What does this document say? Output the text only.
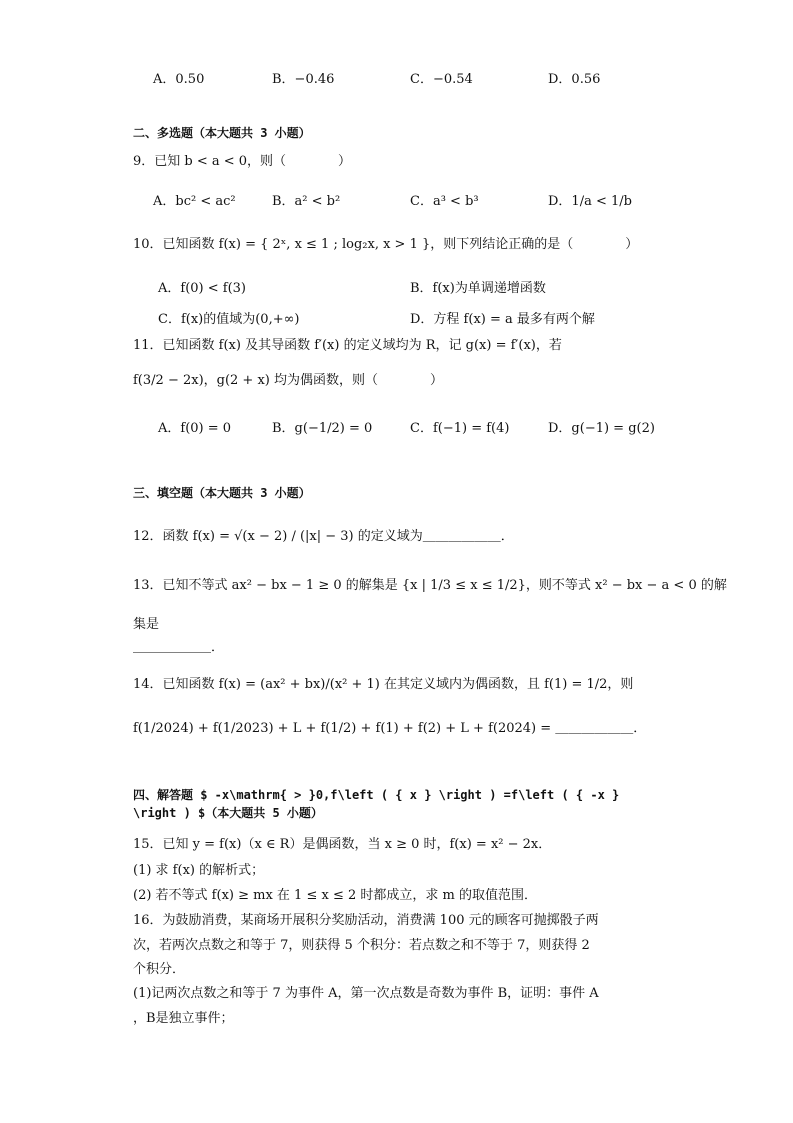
A．0.50	B．−0.46	C．−0.54	D．0.56
二、多选题（本大题共 3 小题）
9．已知 b < a < 0，则（　　　　）
A．bc² < ac²	B．a² < b²	C．a³ < b³	D．1/a < 1/b
10．已知函数 f(x) = { 2ˣ, x ≤ 1 ; log₂x, x > 1 }，则下列结论正确的是（　　　　）
A．f(0) < f(3)	B．f(x)为单调递增函数
C．f(x)的值域为(0,+∞)	D．方程 f(x) = a 最多有两个解
11．已知函数 f(x) 及其导函数 f′(x) 的定义域均为 R，记 g(x) = f′(x)，若
f(3/2 − 2x)，g(2 + x) 均为偶函数，则（　　　　）
A．f(0) = 0	B．g(−1/2) = 0	C．f(−1) = f(4)	D．g(−1) = g(2)
三、填空题（本大题共 3 小题）
12．函数 f(x) = √(x − 2) / (|x| − 3) 的定义域为＿＿＿＿＿＿．
13．已知不等式 ax² − bx − 1 ≥ 0 的解集是 {x | 1/3 ≤ x ≤ 1/2}，则不等式 x² − bx − a < 0 的解
集是
＿＿＿＿＿＿．
14．已知函数 f(x) = (ax² + bx)/(x² + 1) 在其定义域内为偶函数，且 f(1) = 1/2，则
f(1/2024) + f(1/2023) + L + f(1/2) + f(1) + f(2) + L + f(2024) = ＿＿＿＿＿＿．
四、解答题 $ -x\mathrm{ > }0,f\left ( { x } \right ) =f\left ( { -x }
\right ) $（本大题共 5 小题）
15．已知 y = f(x)（x ∈ R）是偶函数，当 x ≥ 0 时，f(x) = x² − 2x．
(1) 求 f(x) 的解析式；
(2) 若不等式 f(x) ≥ mx 在 1 ≤ x ≤ 2 时都成立，求 m 的取值范围．
16．为鼓励消费，某商场开展积分奖励活动，消费满 100 元的顾客可抛掷骰子两
次，若两次点数之和等于 7，则获得 5 个积分：若点数之和不等于 7，则获得 2
个积分．
(1)记两次点数之和等于 7 为事件 A，第一次点数是奇数为事件 B，证明：事件 A
，B是独立事件；
